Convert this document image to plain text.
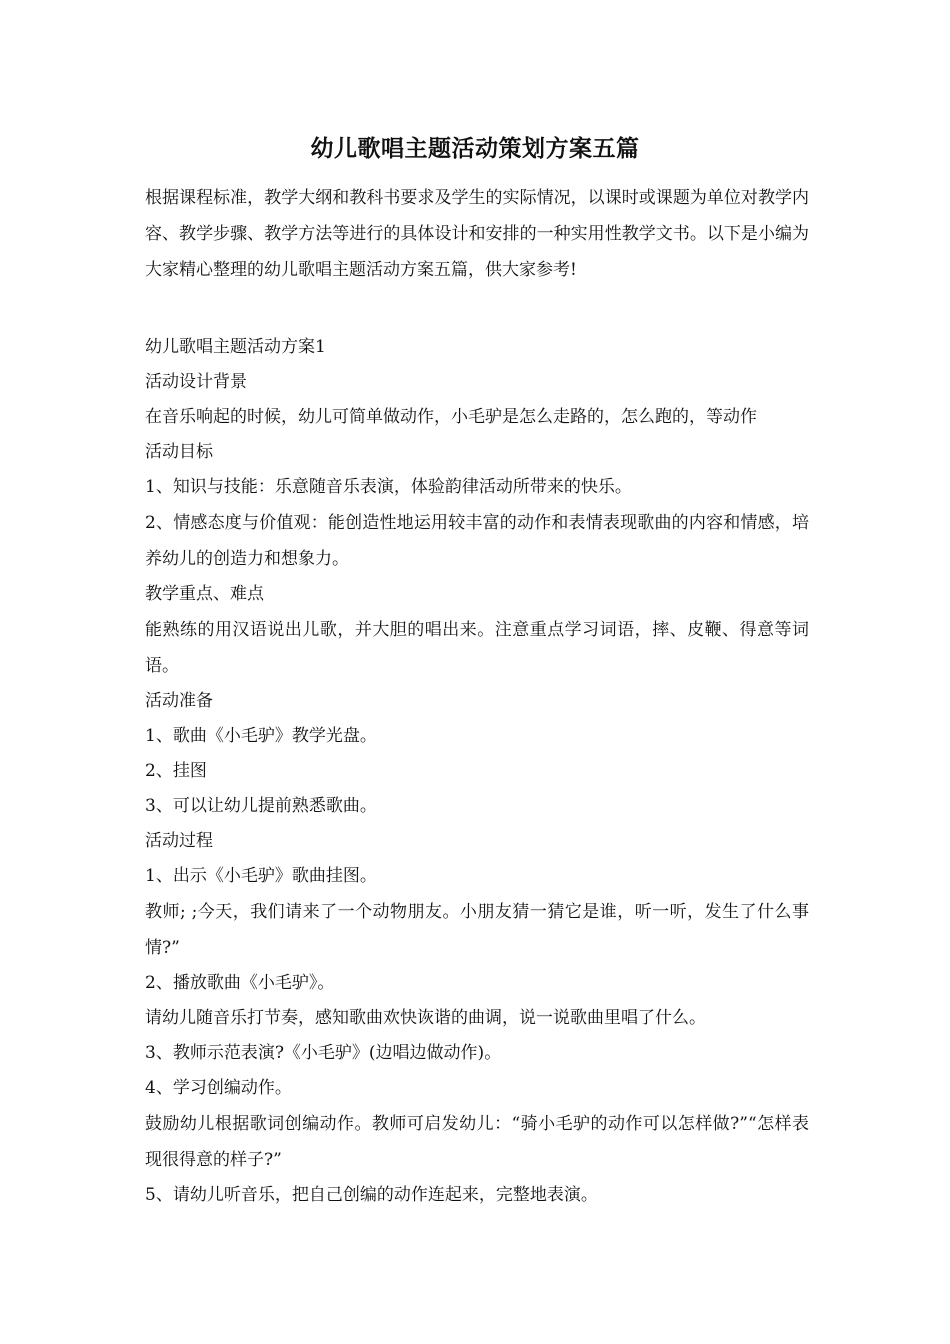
幼儿歌唱主题活动策划方案五篇

根据课程标准，教学大纲和教科书要求及学生的实际情况，以课时或课题为单位对教学内容、教学步骤、教学方法等进行的具体设计和安排的一种实用性教学文书。以下是小编为大家精心整理的幼儿歌唱主题活动方案五篇，供大家参考!

幼儿歌唱主题活动方案1

活动设计背景

在音乐响起的时候，幼儿可简单做动作，小毛驴是怎么走路的，怎么跑的，等动作

活动目标

1、知识与技能：乐意随音乐表演，体验韵律活动所带来的快乐。

2、情感态度与价值观：能创造性地运用较丰富的动作和表情表现歌曲的内容和情感，培养幼儿的创造力和想象力。

教学重点、难点

能熟练的用汉语说出儿歌，并大胆的唱出来。注意重点学习词语，摔、皮鞭、得意等词语。

活动准备

1、歌曲《小毛驴》教学光盘。

2、挂图

3、可以让幼儿提前熟悉歌曲。

活动过程

1、出示《小毛驴》歌曲挂图。

教师; ;今天，我们请来了一个动物朋友。小朋友猜一猜它是谁，听一听，发生了什么事情?”

2、播放歌曲《小毛驴》。

请幼儿随音乐打节奏，感知歌曲欢快诙谐的曲调，说一说歌曲里唱了什么。

3、教师示范表演?《小毛驴》(边唱边做动作)。

4、学习创编动作。

鼓励幼儿根据歌词创编动作。教师可启发幼儿：“骑小毛驴的动作可以怎样做?”“怎样表现很得意的样子?”

5、请幼儿听音乐，把自己创编的动作连起来，完整地表演。
